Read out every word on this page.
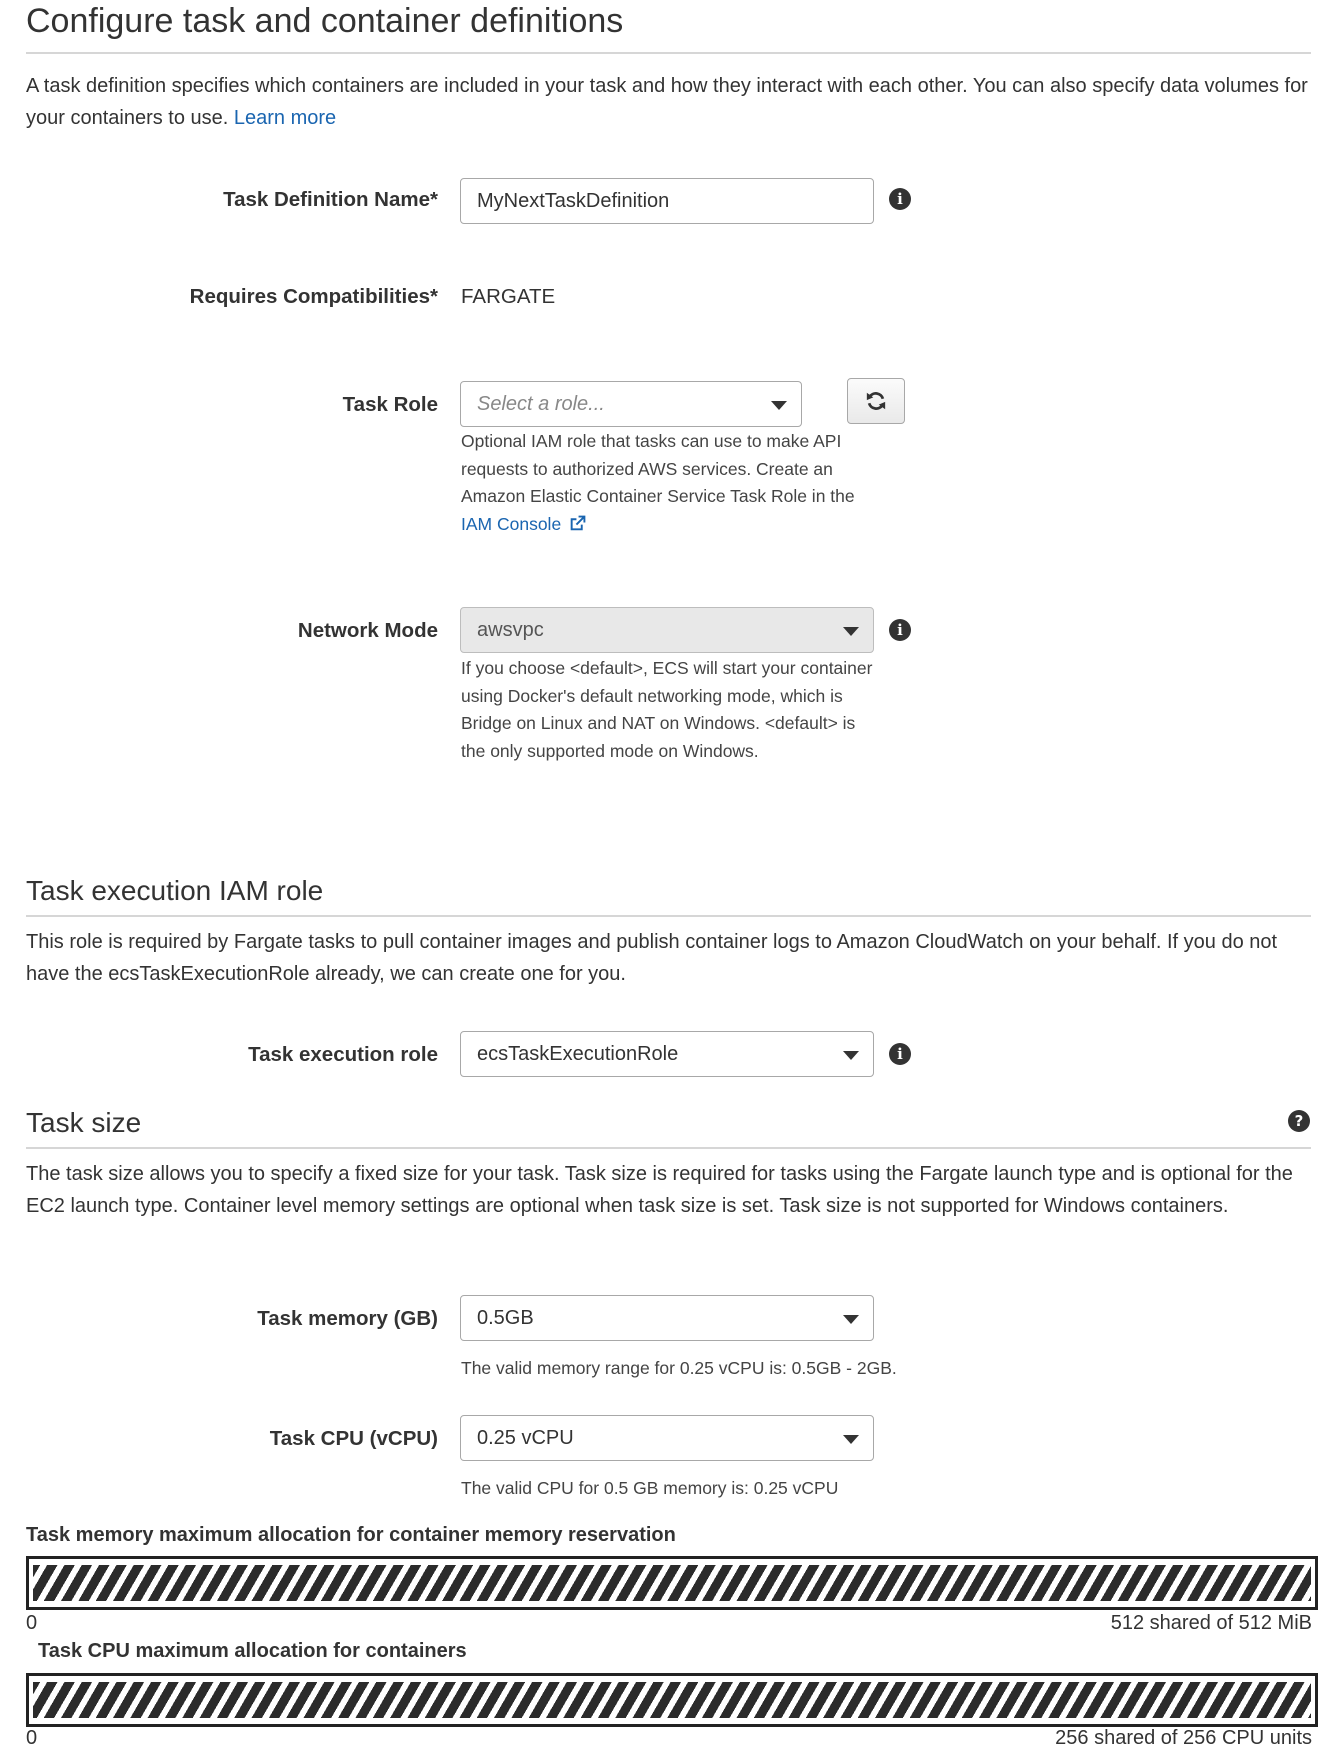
Configure task and container definitions
A task definition specifies which containers are included in your task and how they interact with each other. You can also specify data volumes for your containers to use. Learn more
Task Definition Name*	MyNextTaskDefinition	i
Requires Compatibilities* FARGATE
Task Role	Select a role...
Optional IAM role that tasks can use to make API requests to authorized AWS services. Create an Amazon Elastic Container Service Task Role in the IAM Console
Network Mode	awsvpc	i
If you choose <default>, ECS will start your container using Docker's default networking mode, which is Bridge on Linux and NAT on Windows. <default> is the only supported mode on Windows.
Task execution IAM role
This role is required by Fargate tasks to pull container images and publish container logs to Amazon CloudWatch on your behalf. If you do not have the ecsTaskExecutionRole already, we can create one for you.
Task execution role	ecsTaskExecutionRole	i
Task size	?
The task size allows you to specify a fixed size for your task. Task size is required for tasks using the Fargate launch type and is optional for the EC2 launch type. Container level memory settings are optional when task size is set. Task size is not supported for Windows containers.
Task memory (GB)	0.5GB
The valid memory range for 0.25 vCPU is: 0.5GB - 2GB.
Task CPU (vCPU)	0.25 vCPU
The valid CPU for 0.5 GB memory is: 0.25 vCPU
Task memory maximum allocation for container memory reservation
0	512 shared of 512 MiB
Task CPU maximum allocation for containers
0	256 shared of 256 CPU units
